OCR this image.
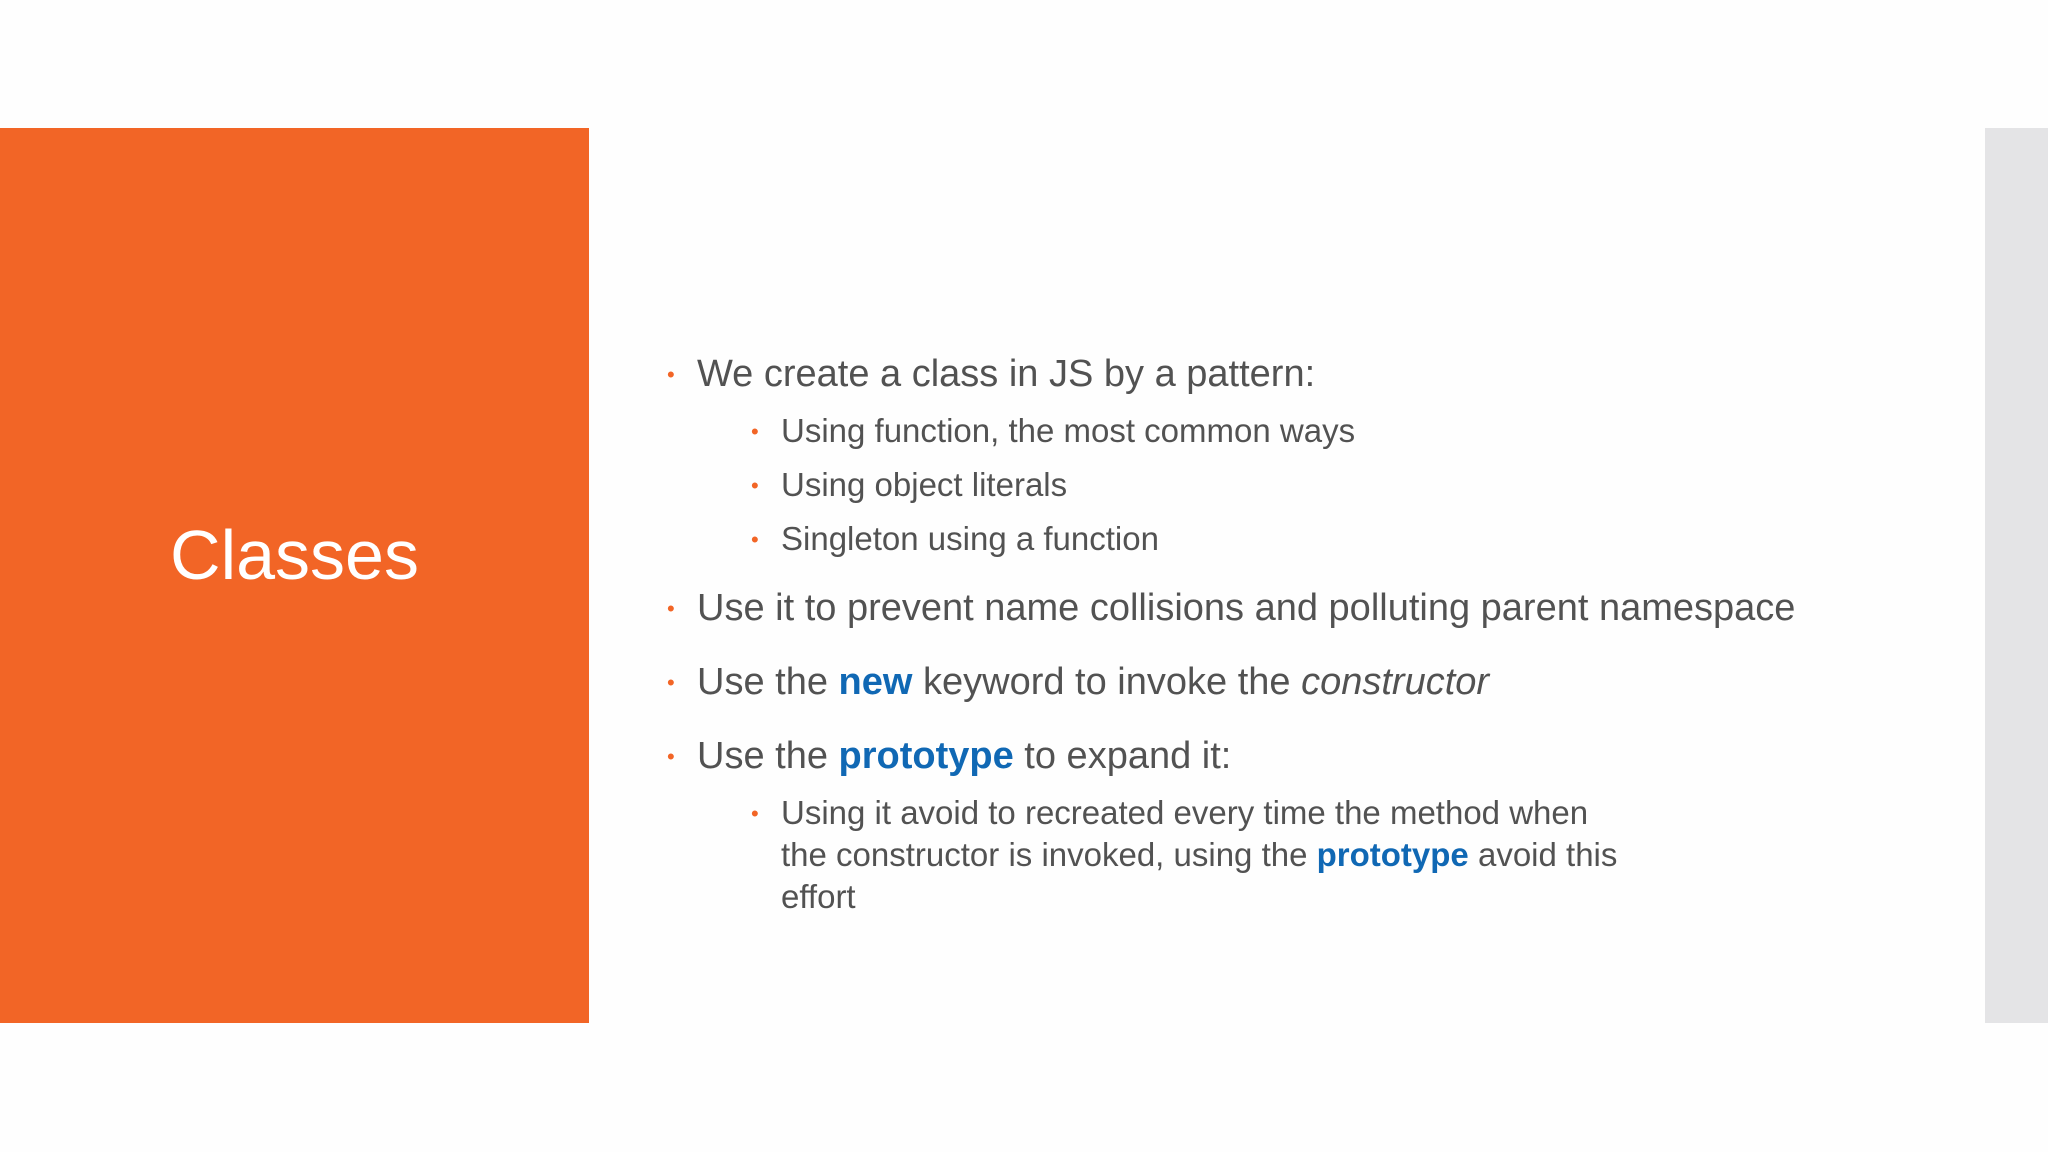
Classes
• We create a class in JS by a pattern:
• Using function, the most common ways
• Using object literals
• Singleton using a function
• Use it to prevent name collisions and polluting parent namespace
• Use the new keyword to invoke the constructor
• Use the prototype to expand it:
• Using it avoid to recreated every time the method when the constructor is invoked, using the prototype avoid this effort
